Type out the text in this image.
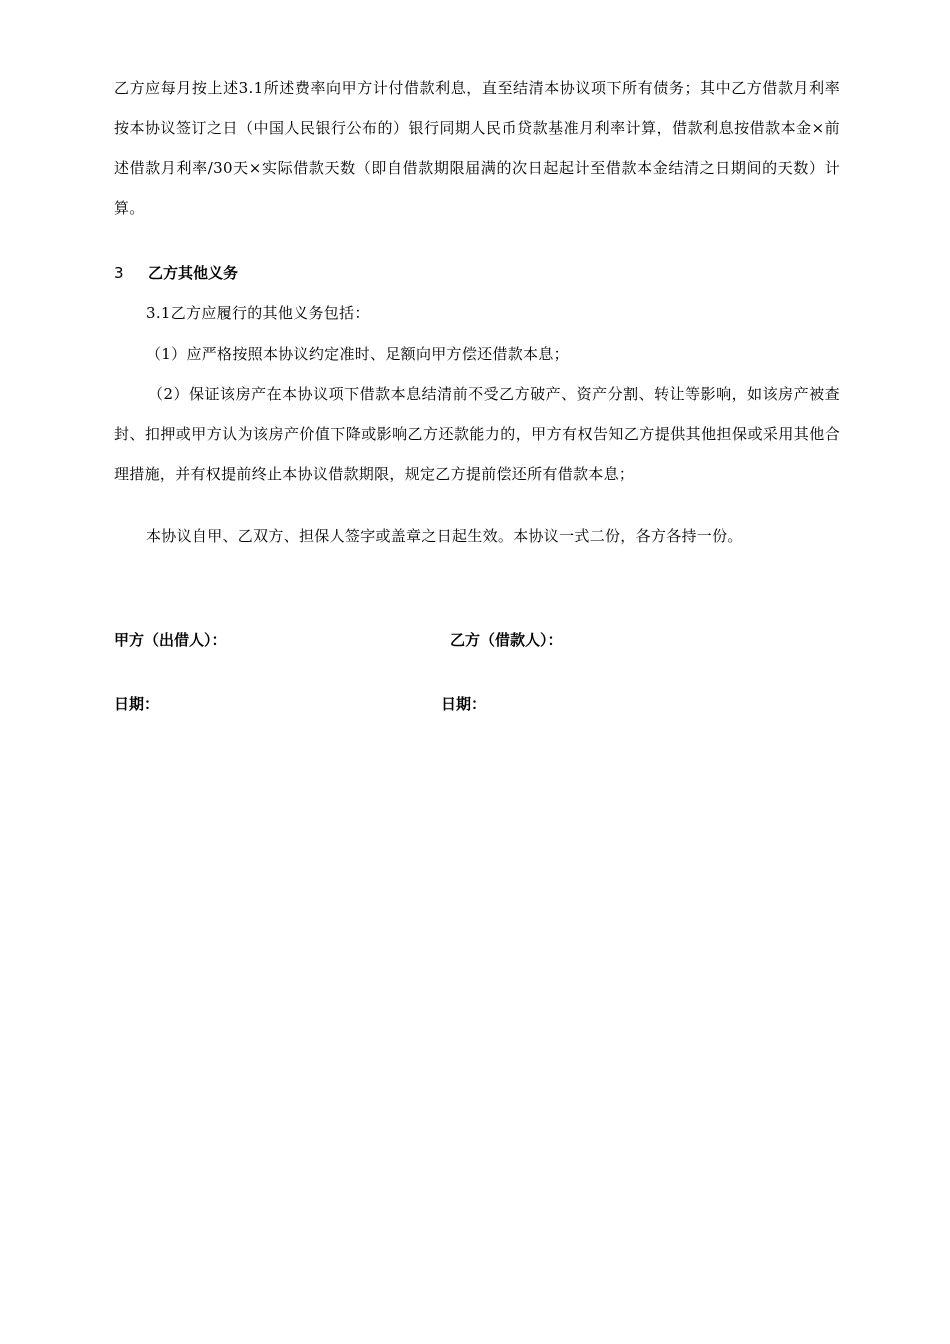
乙方应每月按上述3.1所述费率向甲方计付借款利息，直至结清本协议项下所有债务；其中乙方借款月利率按本协议签订之日（中国人民银行公布的）银行同期人民币贷款基准月利率计算，借款利息按借款本金×前述借款月利率/30天×实际借款天数（即自借款期限届满的次日起起计至借款本金结清之日期间的天数）计算。
3 乙方其他义务
3.1乙方应履行的其他义务包括：
（1）应严格按照本协议约定准时、足额向甲方偿还借款本息；
（2）保证该房产在本协议项下借款本息结清前不受乙方破产、资产分割、转让等影响，如该房产被查封、扣押或甲方认为该房产价值下降或影响乙方还款能力的，甲方有权告知乙方提供其他担保或采用其他合理措施，并有权提前终止本协议借款期限，规定乙方提前偿还所有借款本息；
本协议自甲、乙双方、担保人签字或盖章之日起生效。本协议一式二份，各方各持一份。
甲方（出借人）：	乙方（借款人）：
日期：	日期：
